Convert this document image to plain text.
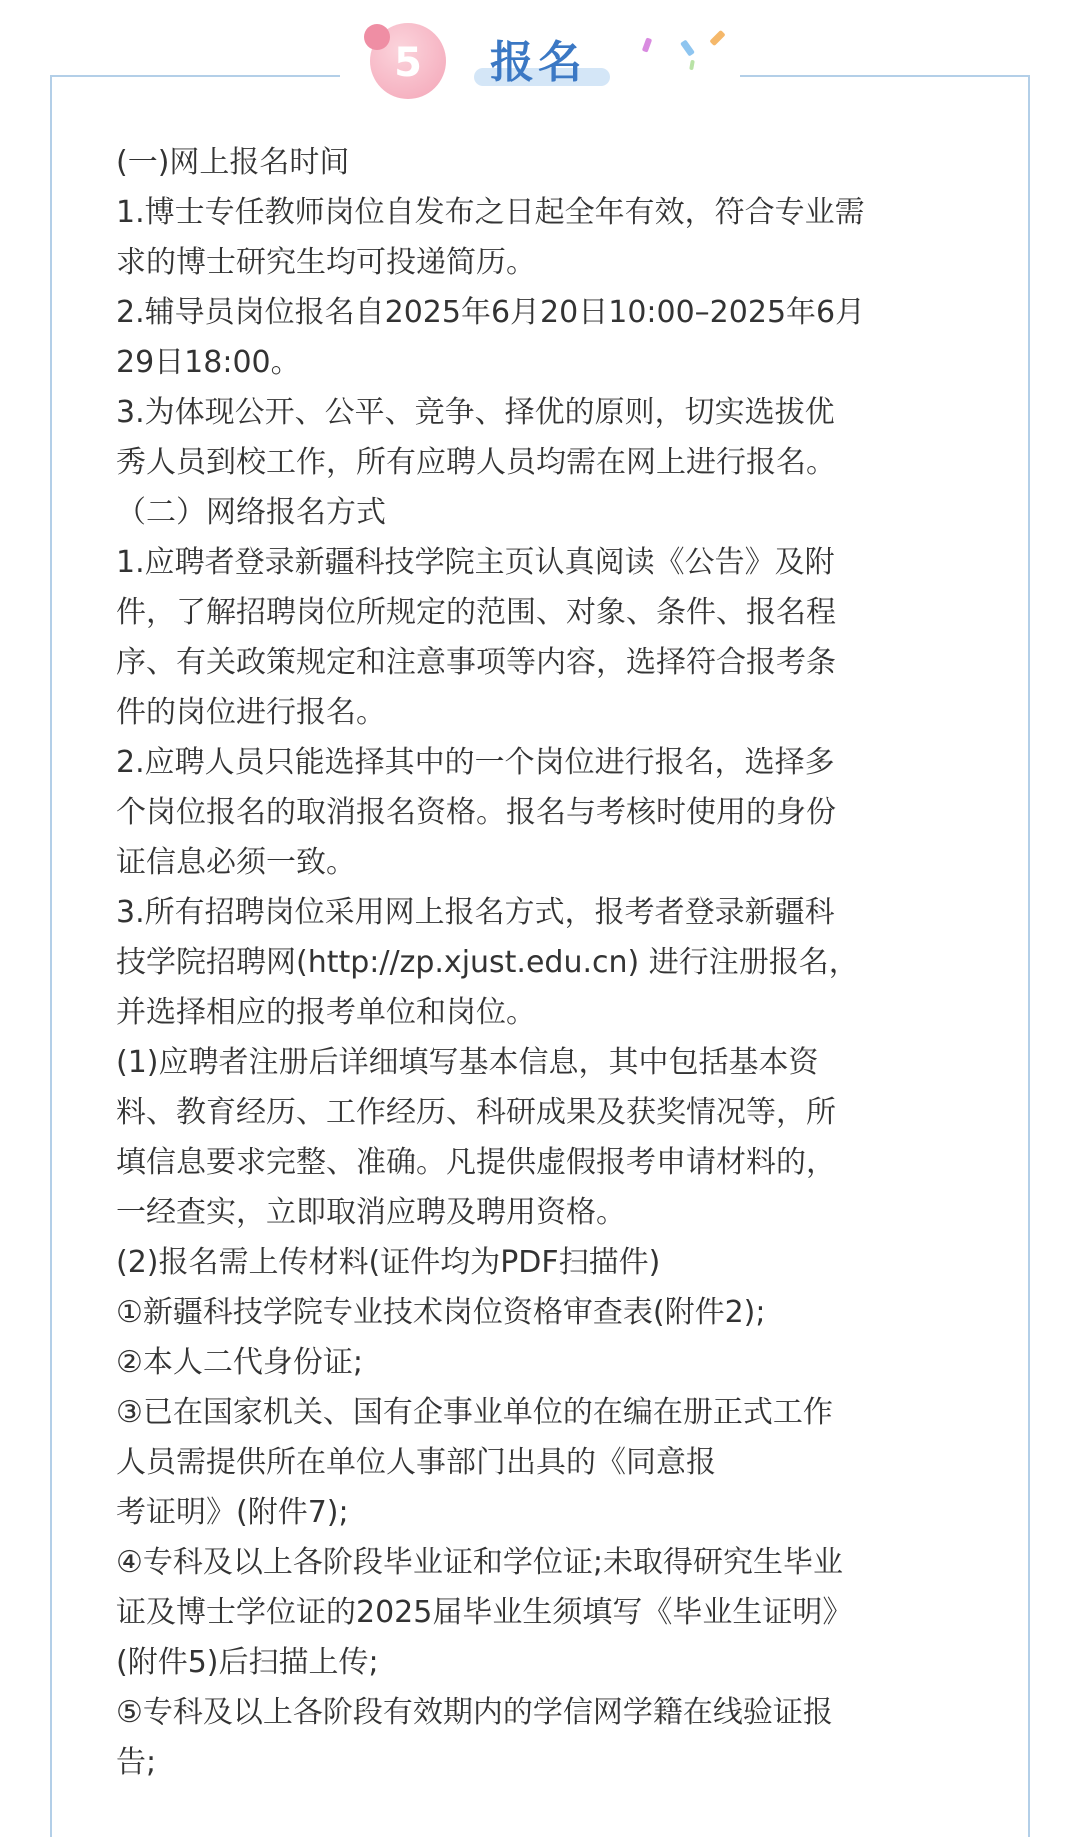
5	报名
(一)网上报名时间
1.博士专任教师岗位自发布之日起全年有效，符合专业需
求的博士研究生均可投递简历。
2.辅导员岗位报名自2025年6月20日10:00–2025年6月
29日18:00。
3.为体现公开、公平、竞争、择优的原则，切实选拔优
秀人员到校工作，所有应聘人员均需在网上进行报名。
（二）网络报名方式
1.应聘者登录新疆科技学院主页认真阅读《公告》及附
件，了解招聘岗位所规定的范围、对象、条件、报名程
序、有关政策规定和注意事项等内容，选择符合报考条
件的岗位进行报名。
2.应聘人员只能选择其中的一个岗位进行报名，选择多
个岗位报名的取消报名资格。报名与考核时使用的身份
证信息必须一致。
3.所有招聘岗位采用网上报名方式，报考者登录新疆科
技学院招聘网(http://zp.xjust.edu.cn) 进行注册报名，
并选择相应的报考单位和岗位。
(1)应聘者注册后详细填写基本信息，其中包括基本资
料、教育经历、工作经历、科研成果及获奖情况等，所
填信息要求完整、准确。凡提供虚假报考申请材料的，
一经查实，立即取消应聘及聘用资格。
(2)报名需上传材料(证件均为PDF扫描件)
①新疆科技学院专业技术岗位资格审查表(附件2);
②本人二代身份证;
③已在国家机关、国有企事业单位的在编在册正式工作
人员需提供所在单位人事部门出具的《同意报
考证明》(附件7);
④专科及以上各阶段毕业证和学位证;未取得研究生毕业
证及博士学位证的2025届毕业生须填写《毕业生证明》
(附件5)后扫描上传;
⑤专科及以上各阶段有效期内的学信网学籍在线验证报
告;
